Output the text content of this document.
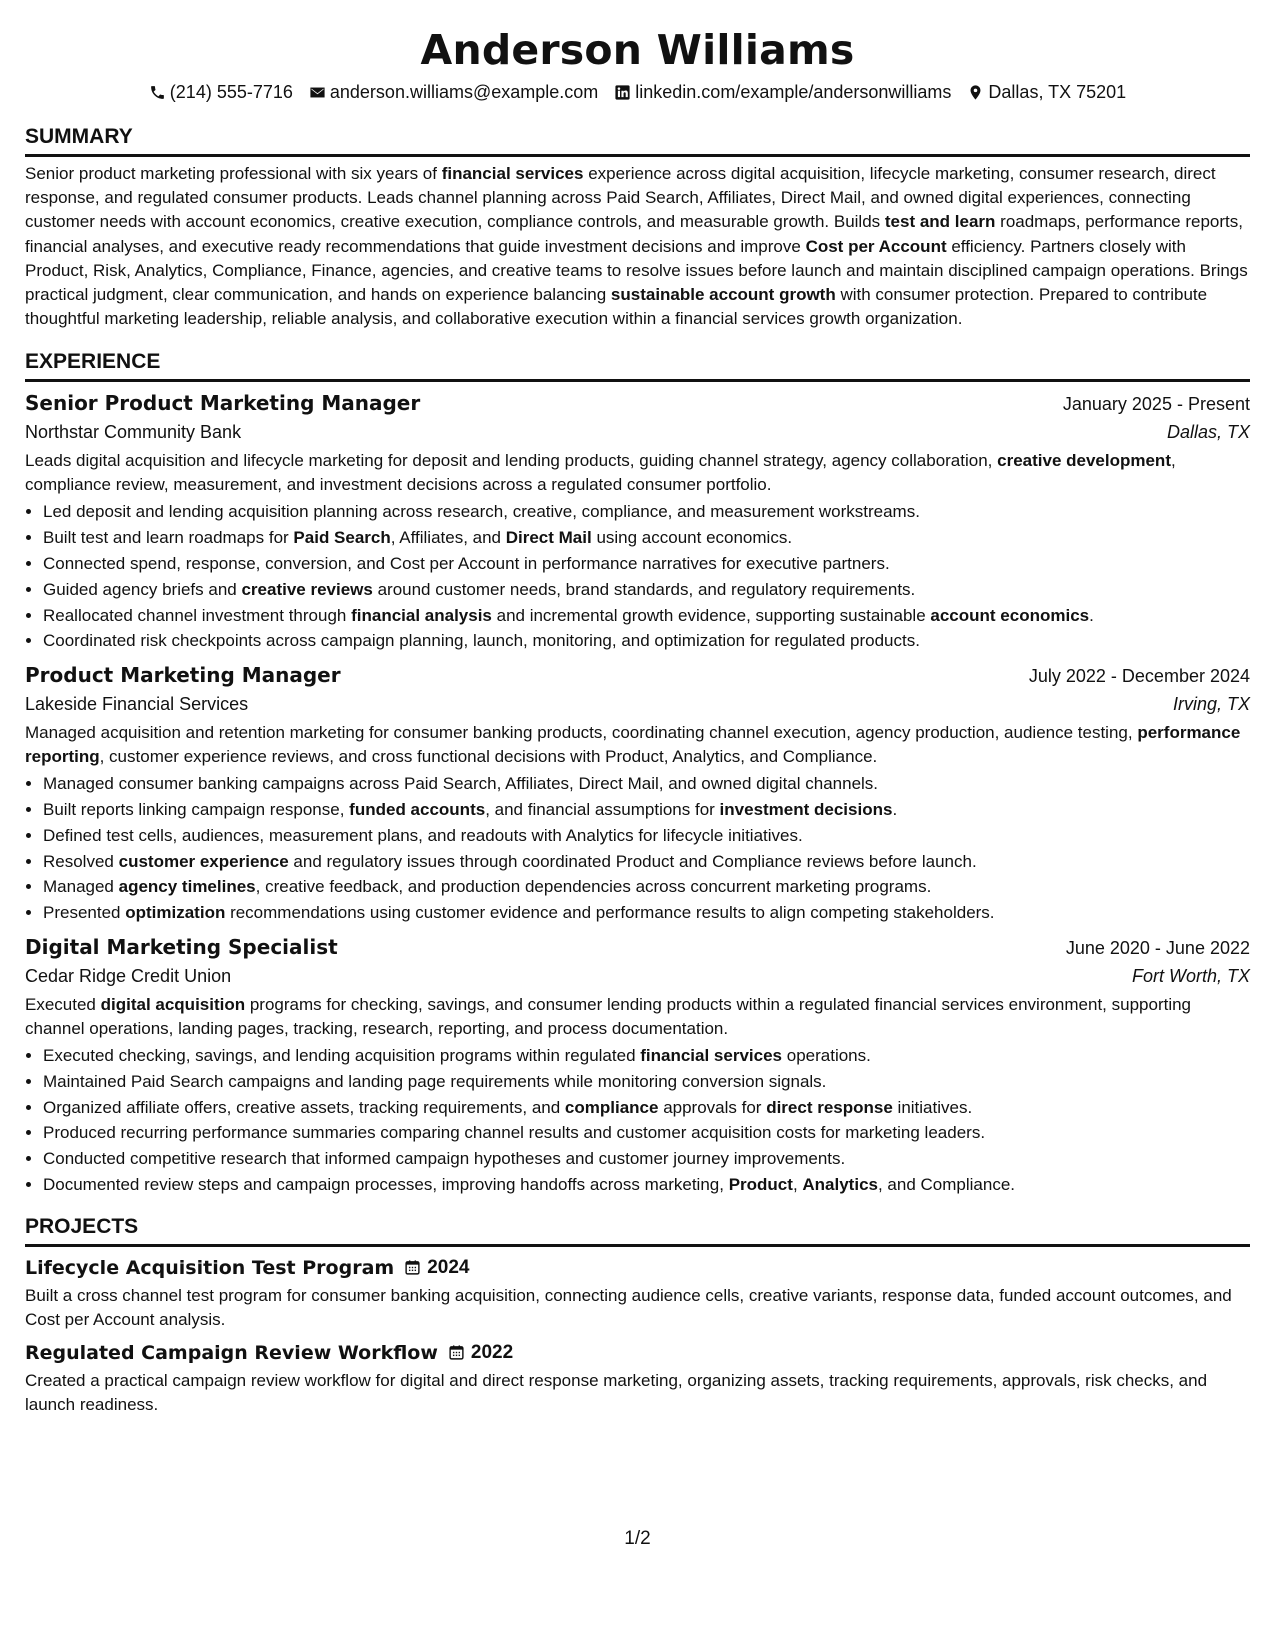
Anderson Williams
(214) 555-7716 anderson.williams@example.com linkedin.com/example/andersonwilliams Dallas, TX 75201
SUMMARY
Senior product marketing professional with six years of financial services experience across digital acquisition, lifecycle marketing, consumer research, direct response, and regulated consumer products. Leads channel planning across Paid Search, Affiliates, Direct Mail, and owned digital experiences, connecting customer needs with account economics, creative execution, compliance controls, and measurable growth. Builds test and learn roadmaps, performance reports, financial analyses, and executive ready recommendations that guide investment decisions and improve Cost per Account efficiency. Partners closely with Product, Risk, Analytics, Compliance, Finance, agencies, and creative teams to resolve issues before launch and maintain disciplined campaign operations. Brings practical judgment, clear communication, and hands on experience balancing sustainable account growth with consumer protection. Prepared to contribute thoughtful marketing leadership, reliable analysis, and collaborative execution within a financial services growth organization.
EXPERIENCE
Senior Product Marketing Manager	January 2025 - Present
Northstar Community Bank	Dallas, TX
Leads digital acquisition and lifecycle marketing for deposit and lending products, guiding channel strategy, agency collaboration, creative development, compliance review, measurement, and investment decisions across a regulated consumer portfolio.
• Led deposit and lending acquisition planning across research, creative, compliance, and measurement workstreams.
• Built test and learn roadmaps for Paid Search, Affiliates, and Direct Mail using account economics.
• Connected spend, response, conversion, and Cost per Account in performance narratives for executive partners.
• Guided agency briefs and creative reviews around customer needs, brand standards, and regulatory requirements.
• Reallocated channel investment through financial analysis and incremental growth evidence, supporting sustainable account economics.
• Coordinated risk checkpoints across campaign planning, launch, monitoring, and optimization for regulated products.
Product Marketing Manager	July 2022 - December 2024
Lakeside Financial Services	Irving, TX
Managed acquisition and retention marketing for consumer banking products, coordinating channel execution, agency production, audience testing, performance reporting, customer experience reviews, and cross functional decisions with Product, Analytics, and Compliance.
• Managed consumer banking campaigns across Paid Search, Affiliates, Direct Mail, and owned digital channels.
• Built reports linking campaign response, funded accounts, and financial assumptions for investment decisions.
• Defined test cells, audiences, measurement plans, and readouts with Analytics for lifecycle initiatives.
• Resolved customer experience and regulatory issues through coordinated Product and Compliance reviews before launch.
• Managed agency timelines, creative feedback, and production dependencies across concurrent marketing programs.
• Presented optimization recommendations using customer evidence and performance results to align competing stakeholders.
Digital Marketing Specialist	June 2020 - June 2022
Cedar Ridge Credit Union	Fort Worth, TX
Executed digital acquisition programs for checking, savings, and consumer lending products within a regulated financial services environment, supporting channel operations, landing pages, tracking, research, reporting, and process documentation.
• Executed checking, savings, and lending acquisition programs within regulated financial services operations.
• Maintained Paid Search campaigns and landing page requirements while monitoring conversion signals.
• Organized affiliate offers, creative assets, tracking requirements, and compliance approvals for direct response initiatives.
• Produced recurring performance summaries comparing channel results and customer acquisition costs for marketing leaders.
• Conducted competitive research that informed campaign hypotheses and customer journey improvements.
• Documented review steps and campaign processes, improving handoffs across marketing, Product, Analytics, and Compliance.
PROJECTS
Lifecycle Acquisition Test Program 2024
Built a cross channel test program for consumer banking acquisition, connecting audience cells, creative variants, response data, funded account outcomes, and Cost per Account analysis.
Regulated Campaign Review Workflow 2022
Created a practical campaign review workflow for digital and direct response marketing, organizing assets, tracking requirements, approvals, risk checks, and launch readiness.
1/2
